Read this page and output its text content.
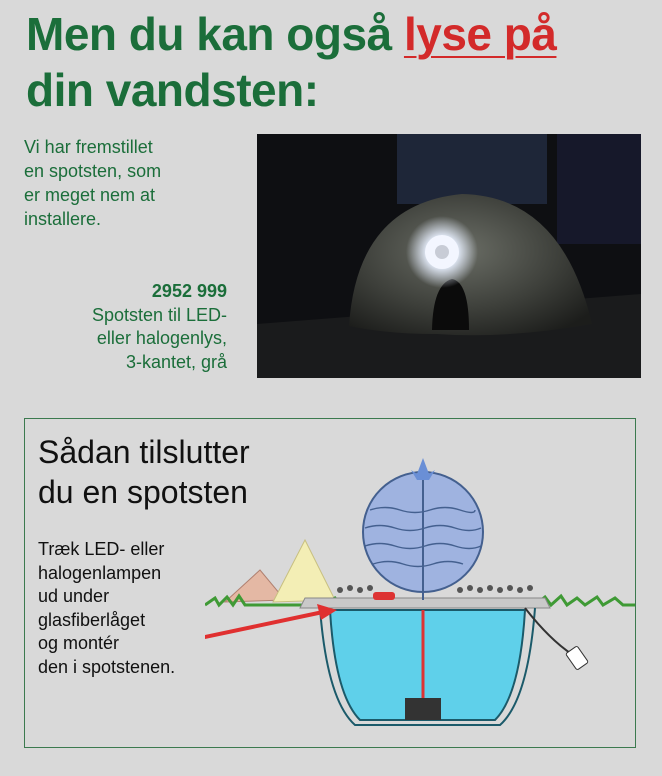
Men du kan også lyse på
din vandsten:
Vi har fremstillet
en spotsten, som
er meget nem at
installere.
2952 999
Spotsten til LED-
eller halogenlys,
3-kantet, grå
Sådan tilslutter
du en spotsten
Træk LED- eller
halogenlampen
ud under
glasfiberlåget
og montér
den i spotstenen.
